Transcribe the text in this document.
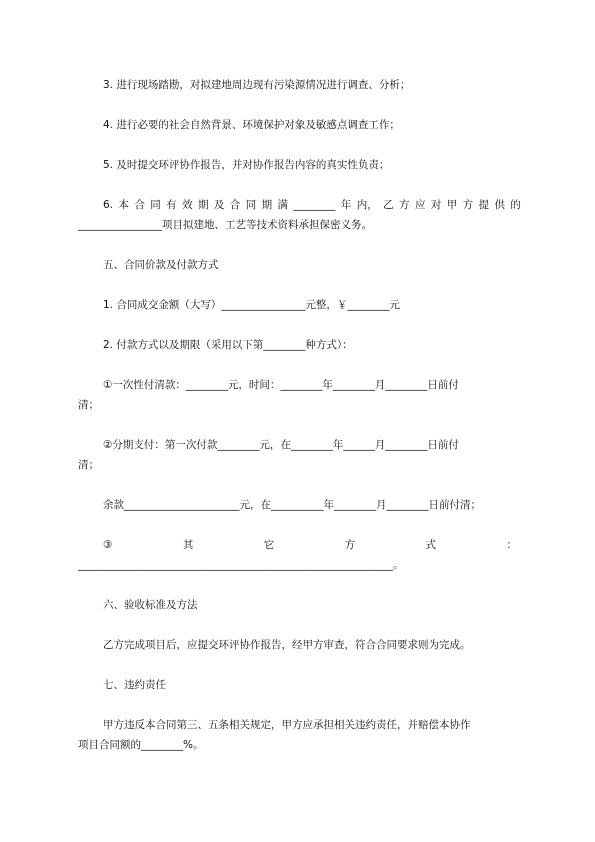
3. 进行现场踏勘，对拟建地周边现有污染源情况进行调查、分析；
4. 进行必要的社会自然背景、环境保护对象及敏感点调查工作；
5. 及时提交环评协作报告，并对协作报告内容的真实性负责；
6. 本 合 同 有 效 期 及 合 同 期 满 ________ 年 内， 乙 方 应 对 甲 方 提 供 的
________________项目拟建地、工艺等技术资料承担保密义务。
五、合同价款及付款方式
1. 合同成交金额（大写）________________元整，￥________元
2. 付款方式以及期限（采用以下第________种方式）：
①一次性付清款：________元，时间：________年________月________日前付
清；
②分期支付：第一次付款________元，在________年______月________日前付
清；
余款______________________元，在__________年________月________日前付清；
③	其	它	方	式	：
____________________________________________________________。
六、验收标准及方法
乙方完成项目后，应提交环评协作报告，经甲方审查，符合合同要求则为完成。
七、违约责任
甲方违反本合同第三、五条相关规定，甲方应承担相关违约责任，并赔偿本协作
项目合同额的________%。
